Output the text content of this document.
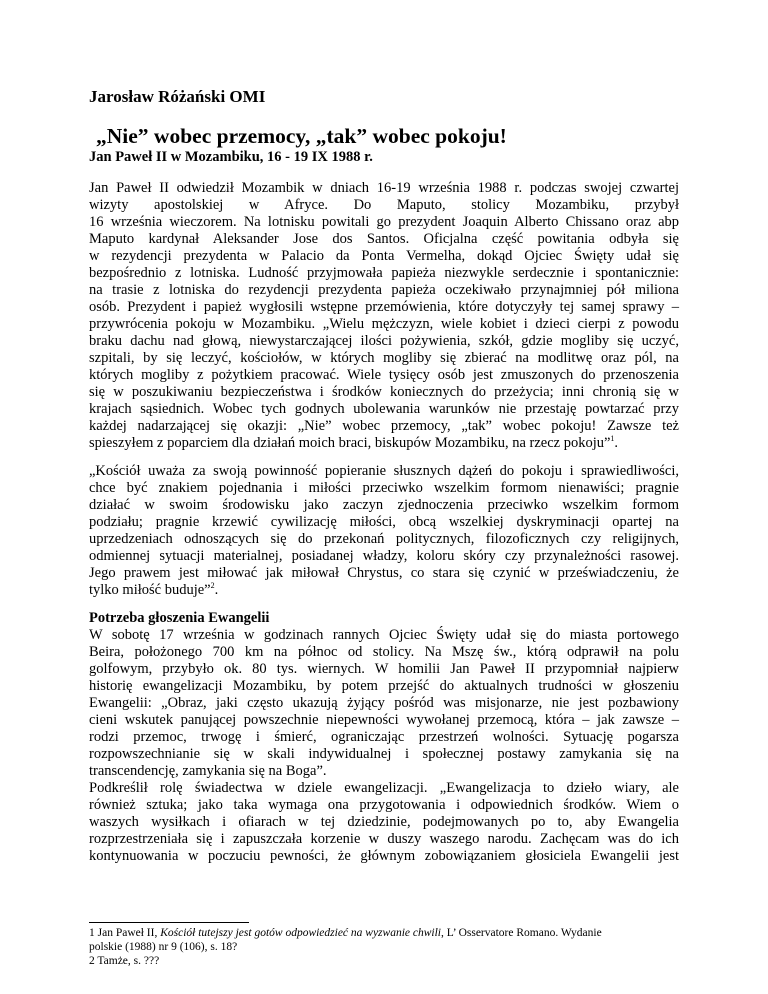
Jarosław Różański OMI
„Nie” wobec przemocy, „tak” wobec pokoju!
Jan Paweł II w Mozambiku, 16 - 19 IX 1988 r.
Jan Paweł II odwiedził Mozambik w dniach 16-19 września 1988 r. podczas swojej czwartej
wizyty apostolskiej w Afryce. Do Maputo, stolicy Mozambiku, przybył
16 września wieczorem. Na lotnisku powitali go prezydent Joaquin Alberto Chissano oraz abp
Maputo kardynał Aleksander Jose dos Santos. Oficjalna część powitania odbyła się
w rezydencji prezydenta w Palacio da Ponta Vermelha, dokąd Ojciec Święty udał się
bezpośrednio z lotniska. Ludność przyjmowała papieża niezwykle serdecznie i spontanicznie:
na trasie z lotniska do rezydencji prezydenta papieża oczekiwało przynajmniej pół miliona
osób. Prezydent i papież wygłosili wstępne przemówienia, które dotyczyły tej samej sprawy –
przywrócenia pokoju w Mozambiku. „Wielu mężczyzn, wiele kobiet i dzieci cierpi z powodu
braku dachu nad głową, niewystarczającej ilości pożywienia, szkół, gdzie mogliby się uczyć,
szpitali, by się leczyć, kościołów, w których mogliby się zbierać na modlitwę oraz pól, na
których mogliby z pożytkiem pracować. Wiele tysięcy osób jest zmuszonych do przenoszenia
się w poszukiwaniu bezpieczeństwa i środków koniecznych do przeżycia; inni chronią się w
krajach sąsiednich. Wobec tych godnych ubolewania warunków nie przestaję powtarzać przy
każdej nadarzającej się okazji: „Nie” wobec przemocy, „tak” wobec pokoju! Zawsze też
spieszyłem z poparciem dla działań moich braci, biskupów Mozambiku, na rzecz pokoju”$^1$.
„Kościół uważa za swoją powinność popieranie słusznych dążeń do pokoju i sprawiedliwości,
chce być znakiem pojednania i miłości przeciwko wszelkim formom nienawiści; pragnie
działać w swoim środowisku jako zaczyn zjednoczenia przeciwko wszelkim formom
podziału; pragnie krzewić cywilizację miłości, obcą wszelkiej dyskryminacji opartej na
uprzedzeniach odnoszących się do przekonań politycznych, filozoficznych czy religijnych,
odmiennej sytuacji materialnej, posiadanej władzy, koloru skóry czy przynależności rasowej.
Jego prawem jest miłować jak miłował Chrystus, co stara się czynić w przeświadczeniu, że
tylko miłość buduje”$^2$.
Potrzeba głoszenia Ewangelii
W sobotę 17 września w godzinach rannych Ojciec Święty udał się do miasta portowego
Beira, położonego 700 km na północ od stolicy. Na Mszę św., którą odprawił na polu
golfowym, przybyło ok. 80 tys. wiernych. W homilii Jan Paweł II przypomniał najpierw
historię ewangelizacji Mozambiku, by potem przejść do aktualnych trudności w głoszeniu
Ewangelii: „Obraz, jaki często ukazują żyjący pośród was misjonarze, nie jest pozbawiony
cieni wskutek panującej powszechnie niepewności wywołanej przemocą, która – jak zawsze –
rodzi przemoc, trwogę i śmierć, ograniczając przestrzeń wolności. Sytuację pogarsza
rozpowszechnianie się w skali indywidualnej i społecznej postawy zamykania się na
transcendencję, zamykania się na Boga”.
Podkreślił rolę świadectwa w dziele ewangelizacji. „Ewangelizacja to dzieło wiary, ale
również sztuka; jako taka wymaga ona przygotowania i odpowiednich środków. Wiem o
waszych wysiłkach i ofiarach w tej dziedzinie, podejmowanych po to, aby Ewangelia
rozprzestrzeniała się i zapuszczała korzenie w duszy waszego narodu. Zachęcam was do ich
kontynuowania w poczuciu pewności, że głównym zobowiązaniem głosiciela Ewangelii jest
1 Jan Paweł II, Kościół tutejszy jest gotów odpowiedzieć na wyzwanie chwili, L’ Osservatore Romano. Wydanie
polskie (1988) nr 9 (106), s. 18?
2 Tamże, s. ???
